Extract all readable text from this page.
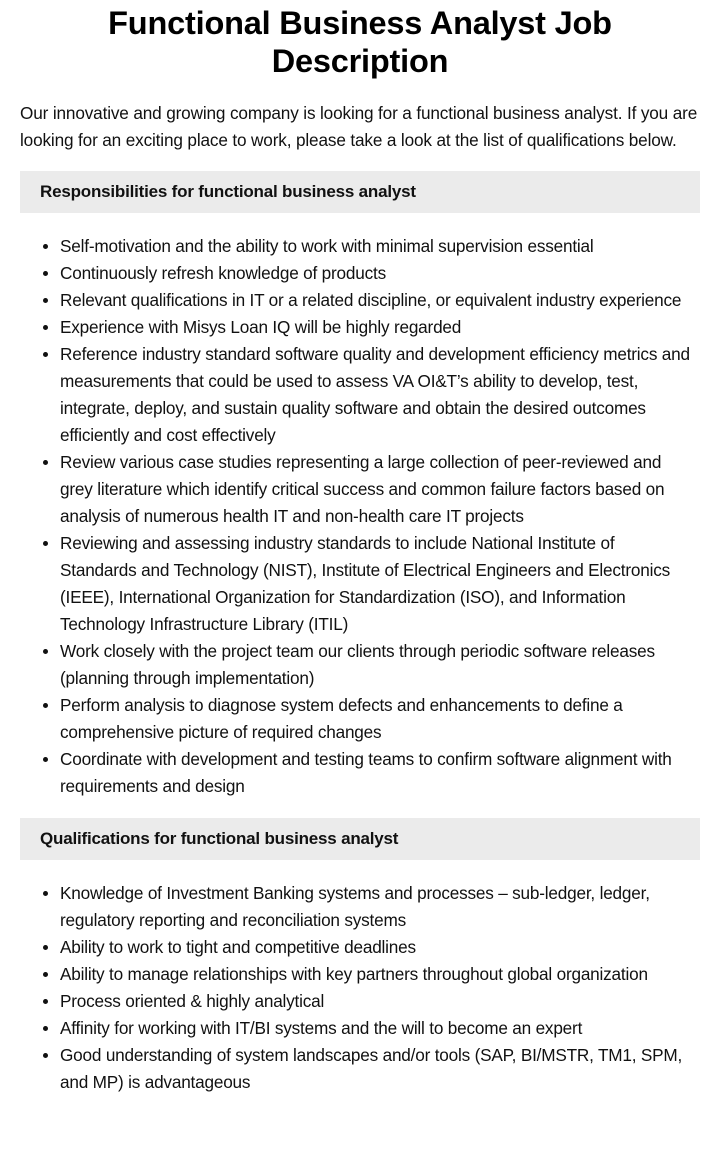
Functional Business Analyst Job Description

Our innovative and growing company is looking for a functional business analyst. If you are looking for an exciting place to work, please take a look at the list of qualifications below.

Responsibilities for functional business analyst
Self-motivation and the ability to work with minimal supervision essential
Continuously refresh knowledge of products
Relevant qualifications in IT or a related discipline, or equivalent industry experience
Experience with Misys Loan IQ will be highly regarded
Reference industry standard software quality and development efficiency metrics and measurements that could be used to assess VA OI&T’s ability to develop, test, integrate, deploy, and sustain quality software and obtain the desired outcomes efficiently and cost effectively
Review various case studies representing a large collection of peer-reviewed and grey literature which identify critical success and common failure factors based on analysis of numerous health IT and non-health care IT projects
Reviewing and assessing industry standards to include National Institute of Standards and Technology (NIST), Institute of Electrical Engineers and Electronics (IEEE), International Organization for Standardization (ISO), and Information Technology Infrastructure Library (ITIL)
Work closely with the project team our clients through periodic software releases (planning through implementation)
Perform analysis to diagnose system defects and enhancements to define a comprehensive picture of required changes
Coordinate with development and testing teams to confirm software alignment with requirements and design
Qualifications for functional business analyst
Knowledge of Investment Banking systems and processes – sub-ledger, ledger, regulatory reporting and reconciliation systems
Ability to work to tight and competitive deadlines
Ability to manage relationships with key partners throughout global organization
Process oriented & highly analytical
Affinity for working with IT/BI systems and the will to become an expert
Good understanding of system landscapes and/or tools (SAP, BI/MSTR, TM1, SPM, and MP) is advantageous
